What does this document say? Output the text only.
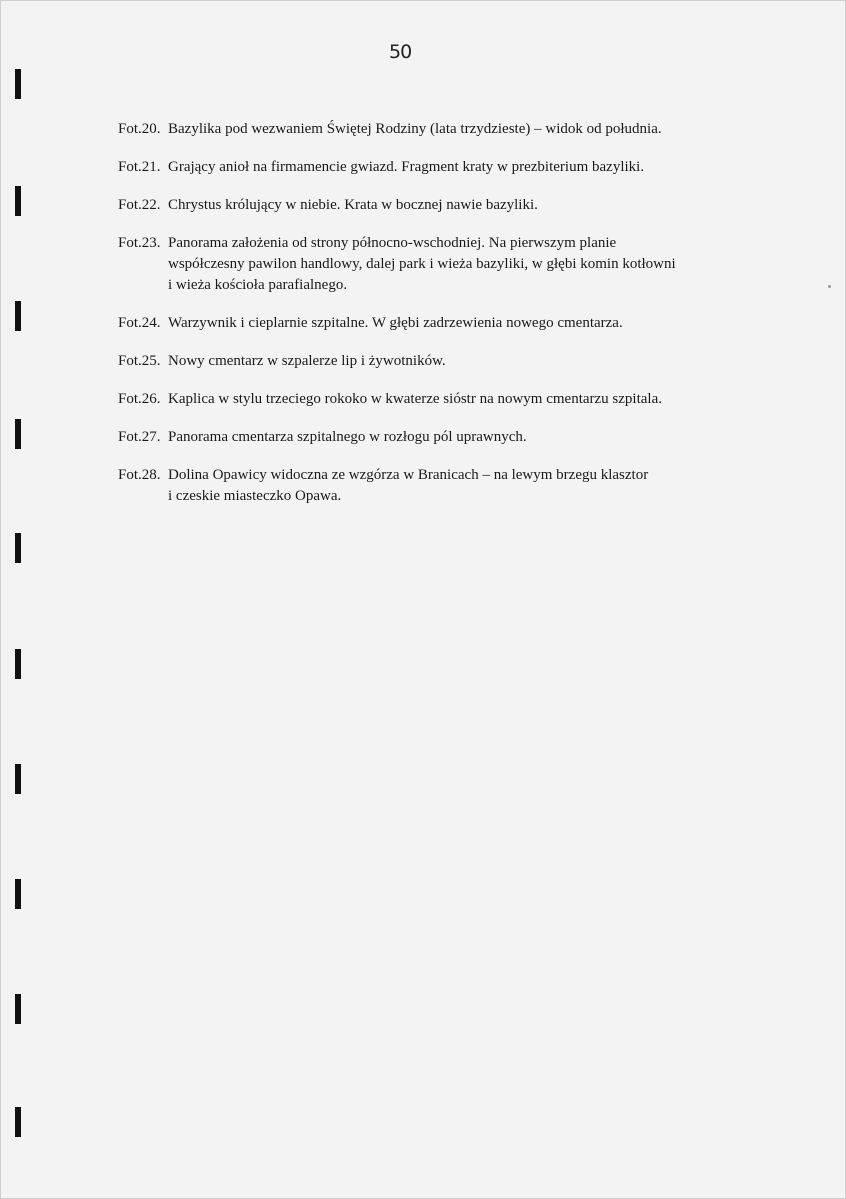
50
Fot.20. Bazylika pod wezwaniem Świętej Rodziny (lata trzydzieste) – widok od południa.
Fot.21. Grający anioł na firmamencie gwiazd. Fragment kraty w prezbiterium bazyliki.
Fot.22. Chrystus królujący w niebie. Krata w bocznej nawie bazyliki.
Fot.23. Panorama założenia od strony północno-wschodniej. Na pierwszym planie
współczesny pawilon handlowy, dalej park i wieża bazyliki, w głębi komin kotłowni
i wieża kościoła parafialnego.
Fot.24. Warzywnik i cieplarnie szpitalne. W głębi zadrzewienia nowego cmentarza.
Fot.25. Nowy cmentarz w szpalerze lip i żywotników.
Fot.26. Kaplica w stylu trzeciego rokoko w kwaterze sióstr na nowym cmentarzu szpitala.
Fot.27. Panorama cmentarza szpitalnego w rozłogu pól uprawnych.
Fot.28. Dolina Opawicy widoczna ze wzgórza w Branicach – na lewym brzegu klasztor
i czeskie miasteczko Opawa.
